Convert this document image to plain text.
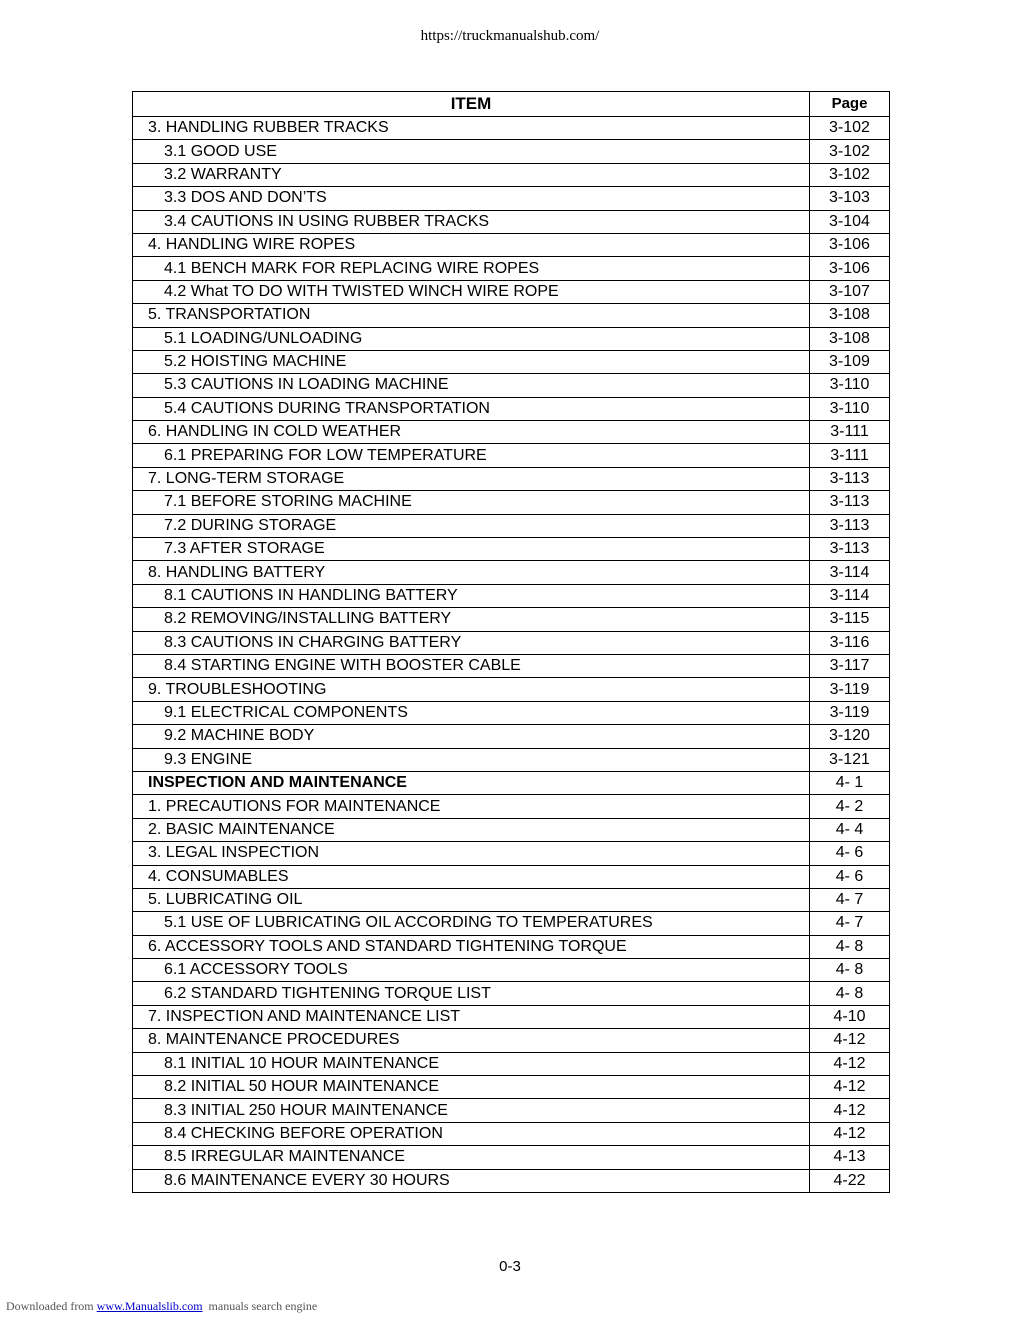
https://truckmanualshub.com/
ITEM	Page
3. HANDLING RUBBER TRACKS	3-102
3.1 GOOD USE	3-102
3.2 WARRANTY	3-102
3.3 DOS AND DON’TS	3-103
3.4 CAUTIONS IN USING RUBBER TRACKS	3-104
4. HANDLING WIRE ROPES	3-106
4.1 BENCH MARK FOR REPLACING WIRE ROPES	3-106
4.2 What TO DO WITH TWISTED WINCH WIRE ROPE	3-107
5. TRANSPORTATION	3-108
5.1 LOADING/UNLOADING	3-108
5.2 HOISTING MACHINE	3-109
5.3 CAUTIONS IN LOADING MACHINE	3-110
5.4 CAUTIONS DURING TRANSPORTATION	3-110
6. HANDLING IN COLD WEATHER	3-111
6.1 PREPARING FOR LOW TEMPERATURE	3-111
7. LONG-TERM STORAGE	3-113
7.1 BEFORE STORING MACHINE	3-113
7.2 DURING STORAGE	3-113
7.3 AFTER STORAGE	3-113
8. HANDLING BATTERY	3-114
8.1 CAUTIONS IN HANDLING BATTERY	3-114
8.2 REMOVING/INSTALLING BATTERY	3-115
8.3 CAUTIONS IN CHARGING BATTERY	3-116
8.4 STARTING ENGINE WITH BOOSTER CABLE	3-117
9. TROUBLESHOOTING	3-119
9.1 ELECTRICAL COMPONENTS	3-119
9.2 MACHINE BODY	3-120
9.3 ENGINE	3-121
INSPECTION AND MAINTENANCE	4- 1
1. PRECAUTIONS FOR MAINTENANCE	4- 2
2. BASIC MAINTENANCE	4- 4
3. LEGAL INSPECTION	4- 6
4. CONSUMABLES	4- 6
5. LUBRICATING OIL	4- 7
5.1 USE OF LUBRICATING OIL ACCORDING TO TEMPERATURES	4- 7
6. ACCESSORY TOOLS AND STANDARD TIGHTENING TORQUE	4- 8
6.1 ACCESSORY TOOLS	4- 8
6.2 STANDARD TIGHTENING TORQUE LIST	4- 8
7. INSPECTION AND MAINTENANCE LIST	4-10
8. MAINTENANCE PROCEDURES	4-12
8.1 INITIAL 10 HOUR MAINTENANCE	4-12
8.2 INITIAL 50 HOUR MAINTENANCE	4-12
8.3 INITIAL 250 HOUR MAINTENANCE	4-12
8.4 CHECKING BEFORE OPERATION	4-12
8.5 IRREGULAR MAINTENANCE	4-13
8.6 MAINTENANCE EVERY 30 HOURS	4-22
0-3
Downloaded from www.Manualslib.com manuals search engine
